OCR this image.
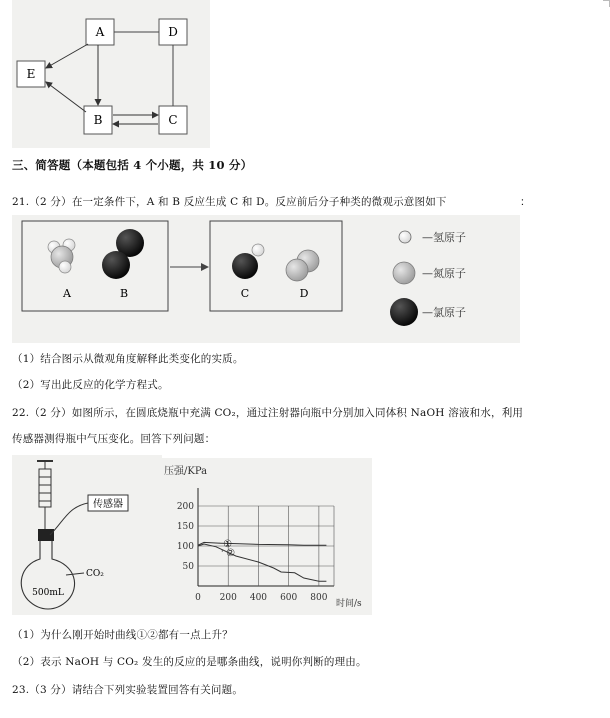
A	D
E
B	C
三、简答题（本题包括 4 个小题，共 10 分）
21.（2 分）在一定条件下，A 和 B 反应生成 C 和 D。反应前后分子种类的微观示意图如下	：
A	B	C	D
—氢原子
—氮原子
—氯原子
（1）结合图示从微观角度解释此类变化的实质。
（2）写出此反应的化学方程式。
22.（2 分）如图所示，在圆底烧瓶中充满 CO₂，通过注射器向瓶中分别加入同体积 NaOH 溶液和水，利用
传感器测得瓶中气压变化。回答下列问题：
传感器
CO₂
500mL
压强/KPa
时间/s
50
100
150
200
0 200 400 600 800
①
②
（1）为什么刚开始时曲线①②都有一点上升？
（2）表示 NaOH 与 CO₂ 发生的反应的是哪条曲线，说明你判断的理由。
23.（3 分）请结合下列实验装置回答有关问题。
